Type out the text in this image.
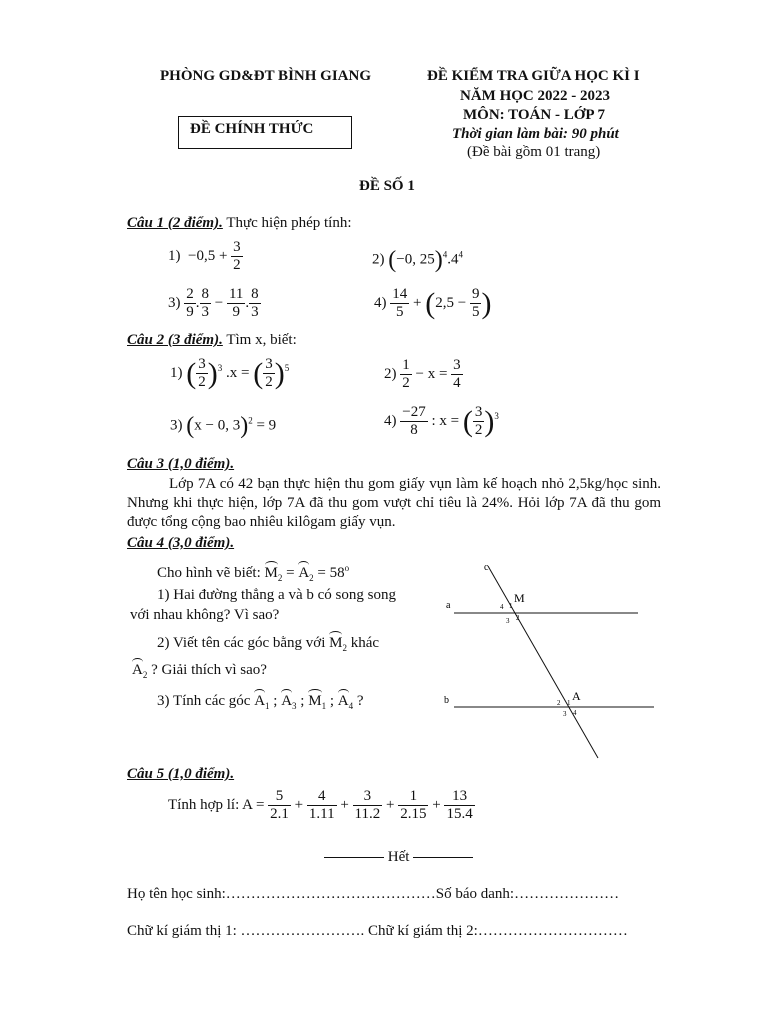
PHÒNG GD&ĐT BÌNH GIANG
ĐỀ CHÍNH THỨC
ĐỀ KIỂM TRA GIỮA HỌC KÌ I
NĂM HỌC 2022 - 2023
MÔN: TOÁN - LỚP 7
Thời gian làm bài: 90 phút
(Đề bài gồm 01 trang)
ĐỀ SỐ 1
Câu 1 (2 điểm). Thực hiện phép tính:
$1) -0,5 + \frac{3}{2}$	2) (−0, $25)^4.4^4$
$3) \frac{2}{9}$ . $\frac{8}{3} - \frac{11}{9}$ . $\frac{8}{3}$	$4) \frac{14}{5} + (2,5 - \frac{9}{5}$ )
Câu 2 (3 điểm). Tìm x, biết:
1) ( $\frac{3}{2} )^3$ .x = ( $\frac{3}{2} )^5$	$2) \frac{1}{2} - x = \frac{3}{4}$
3) (x − 0, 3)$^2$ = 9	$4) \frac{-27}{8}$ : x = ( $\frac{3}{2} )^3$
Câu 3 (1,0 điểm).
Lớp 7A có 42 bạn thực hiện thu gom giấy vụn làm kế hoạch nhỏ 2,5kg/học sinh. Nhưng khi thực hiện, lớp 7A đã thu gom vượt chỉ tiêu là 24%. Hỏi lớp 7A đã thu gom được tổng cộng bao nhiêu kilôgam giấy vụn.
Câu 4 (3,0 điểm).
Cho hình vẽ biết: $M_2 = A_2 = 58^o$
1) Hai đường thẳng a và b có song song
với nhau không? Vì sao?
2) Viết tên các góc bằng với $M_2$ khác
$A_2$ ? Giải thích vì sao?
3) Tính các góc $A_1$ ; $A_3$ ; $M_1$ ; $A_4$ ?
c
a
b
M
A
4 1
3 2
2 1
3 4
Câu 5 (1,0 điểm).
Tính hợp lí: $A = \frac{5}{2.1} + \frac{4}{1.11} + \frac{3}{11.2} + \frac{1}{2.15} + \frac{13}{15.4}$
Hết
Họ tên học sinh:……………………………………Số báo danh:…………………
Chữ kí giám thị 1: ……………………. Chữ kí giám thị 2:…………………………
